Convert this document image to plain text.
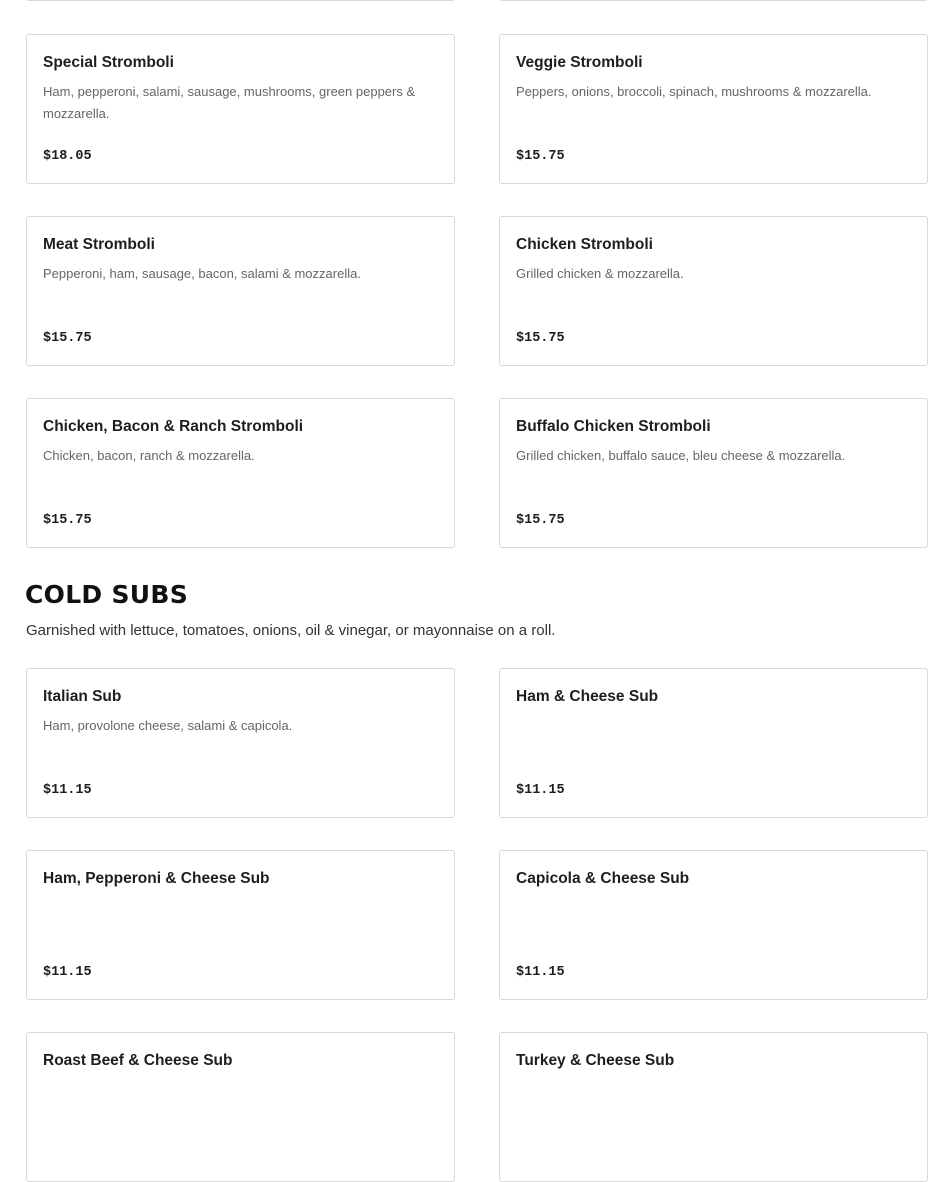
Special Stromboli
Ham, pepperoni, salami, sausage, mushrooms, green peppers & mozzarella.
$18.05
Veggie Stromboli
Peppers, onions, broccoli, spinach, mushrooms & mozzarella.
$15.75
Meat Stromboli
Pepperoni, ham, sausage, bacon, salami & mozzarella.
$15.75
Chicken Stromboli
Grilled chicken & mozzarella.
$15.75
Chicken, Bacon & Ranch Stromboli
Chicken, bacon, ranch & mozzarella.
$15.75
Buffalo Chicken Stromboli
Grilled chicken, buffalo sauce, bleu cheese & mozzarella.
$15.75
COLD SUBS
Garnished with lettuce, tomatoes, onions, oil & vinegar, or mayonnaise on a roll.
Italian Sub
Ham, provolone cheese, salami & capicola.
$11.15
Ham & Cheese Sub
$11.15
Ham, Pepperoni & Cheese Sub
$11.15
Capicola & Cheese Sub
$11.15
Roast Beef & Cheese Sub	Turkey & Cheese Sub
